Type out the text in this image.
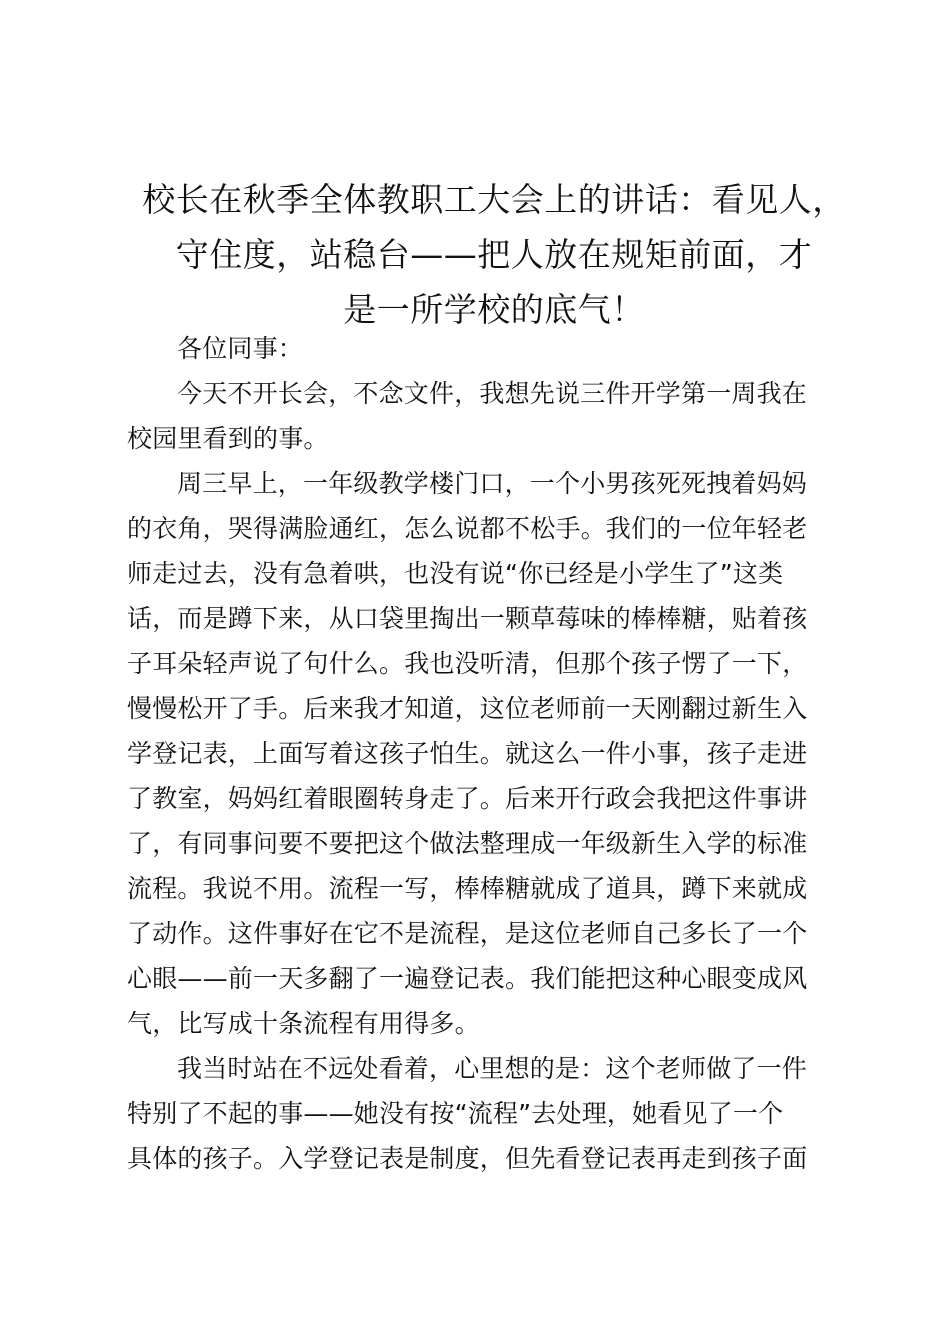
校长在秋季全体教职工大会上的讲话：看见人，
守住度，站稳台——把人放在规矩前面，才
是一所学校的底气！

各位同事：

今天不开长会，不念文件，我想先说三件开学第一周我在
校园里看到的事。

周三早上，一年级教学楼门口，一个小男孩死死拽着妈妈
的衣角，哭得满脸通红，怎么说都不松手。我们的一位年轻老
师走过去，没有急着哄，也没有说“你已经是小学生了”这类
话，而是蹲下来，从口袋里掏出一颗草莓味的棒棒糖，贴着孩
子耳朵轻声说了句什么。我也没听清，但那个孩子愣了一下，
慢慢松开了手。后来我才知道，这位老师前一天刚翻过新生入
学登记表，上面写着这孩子怕生。就这么一件小事，孩子走进
了教室，妈妈红着眼圈转身走了。后来开行政会我把这件事讲
了，有同事问要不要把这个做法整理成一年级新生入学的标准
流程。我说不用。流程一写，棒棒糖就成了道具，蹲下来就成
了动作。这件事好在它不是流程，是这位老师自己多长了一个
心眼——前一天多翻了一遍登记表。我们能把这种心眼变成风
气，比写成十条流程有用得多。

我当时站在不远处看着，心里想的是：这个老师做了一件
特别了不起的事——她没有按“流程”去处理，她看见了一个
具体的孩子。入学登记表是制度，但先看登记表再走到孩子面
